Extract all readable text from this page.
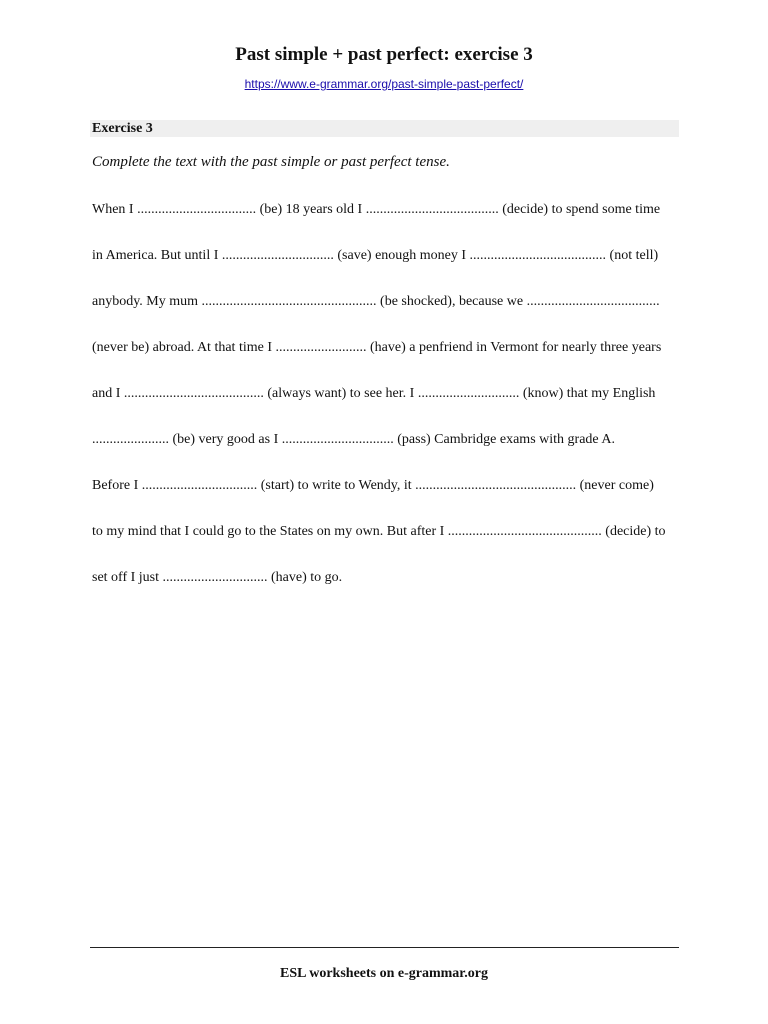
Past simple + past perfect: exercise 3
https://www.e-grammar.org/past-simple-past-perfect/
Exercise 3
Complete the text with the past simple or past perfect tense.
When I .................................. (be) 18 years old I ...................................... (decide) to spend some time
in America. But until I ................................ (save) enough money I ....................................... (not tell)
anybody. My mum .................................................. (be shocked), because we ......................................
(never be) abroad. At that time I .......................... (have) a penfriend in Vermont for nearly three years
and I ........................................ (always want) to see her. I ............................. (know) that my English
...................... (be) very good as I ................................ (pass) Cambridge exams with grade A.
Before I ................................. (start) to write to Wendy, it .............................................. (never come)
to my mind that I could go to the States on my own. But after I ............................................ (decide) to
set off I just .............................. (have) to go.
ESL worksheets on e-grammar.org
